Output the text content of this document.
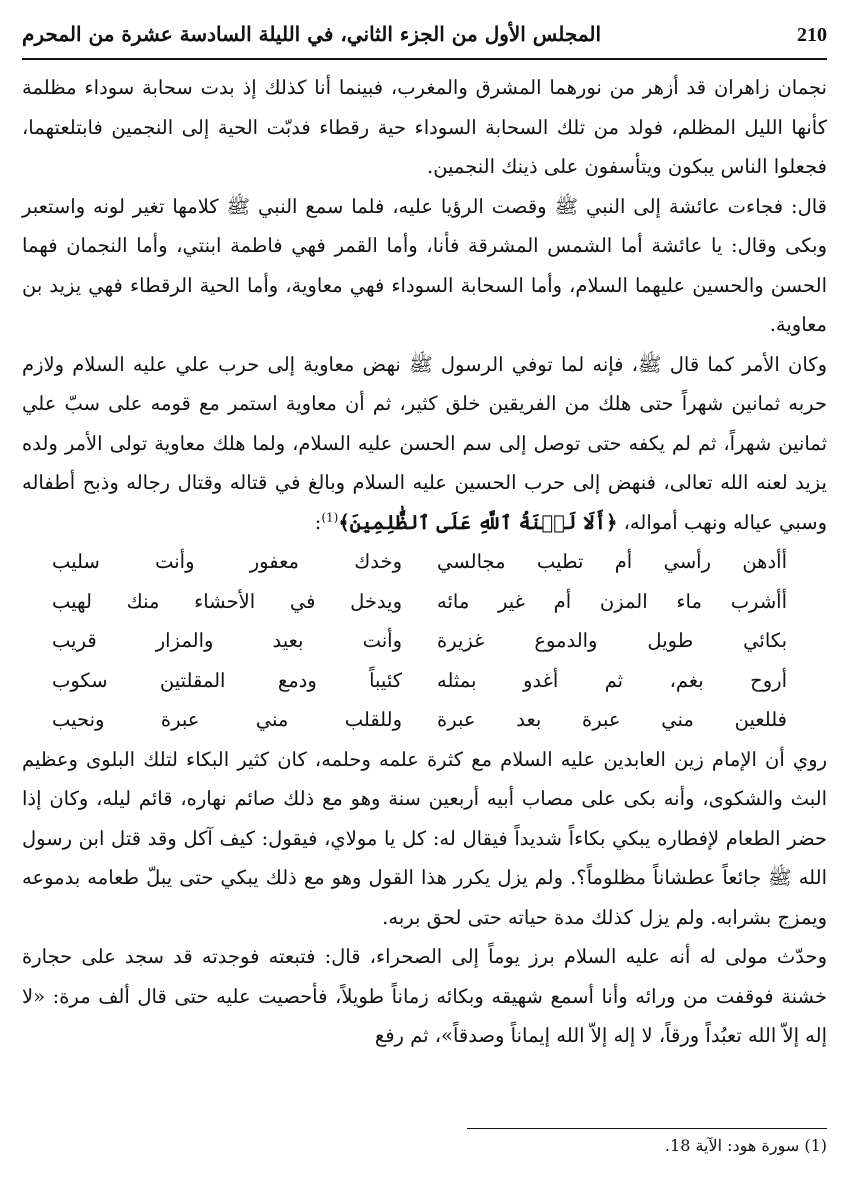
210
المجلس الأول من الجزء الثاني، في الليلة السادسة عشرة من المحرم

نجمان زاهران قد أزهر من نورهما المشرق والمغرب، فبينما أنا كذلك إذ بدت سحابة سوداء مظلمة كأنها الليل المظلم، فولد من تلك السحابة السوداء حية رقطاء فدبّت الحية إلى النجمين فابتلعتهما، فجعلوا الناس يبكون ويتأسفون على ذينك النجمين.

قال: فجاءت عائشة إلى النبي ﷺ وقصت الرؤيا عليه، فلما سمع النبي ﷺ كلامها تغير لونه واستعبر وبكى وقال: يا عائشة أما الشمس المشرقة فأنا، وأما القمر فهي فاطمة ابنتي، وأما النجمان فهما الحسن والحسين عليهما السلام، وأما السحابة السوداء فهي معاوية، وأما الحية الرقطاء فهي يزيد بن معاوية.

وكان الأمر كما قال ﷺ، فإنه لما توفي الرسول ﷺ نهض معاوية إلى حرب علي عليه السلام ولازم حربه ثمانين شهراً حتى هلك من الفريقين خلق كثير، ثم أن معاوية استمر مع قومه على سبّ علي ثمانين شهراً، ثم لم يكفه حتى توصل إلى سم الحسن عليه السلام، ولما هلك معاوية تولى الأمر ولده يزيد لعنه الله تعالى، فنهض إلى حرب الحسين عليه السلام وبالغ في قتاله وقتال رجاله وذبح أطفاله وسبي عياله ونهب أمواله، ﴿أَلَا لَعۡنَةُ ٱللَّهِ عَلَى ٱلظَّٰلِمِينَ﴾$^{(1)}$:

أأدهن رأسي أم تطيب مجالسي
وخدك معفور وأنت سليب
أأشرب ماء المزن أم غير مائه
ويدخل في الأحشاء منك لهيب
بكائي طويل والدموع غزيرة
وأنت بعيد والمزار قريب
أروح بغم، ثم أغدو بمثله
كئيباً ودمع المقلتين سكوب
فللعين مني عبرة بعد عبرة
وللقلب مني عبرة ونحيب

روي أن الإمام زين العابدين عليه السلام مع كثرة علمه وحلمه، كان كثير البكاء لتلك البلوى وعظيم البث والشكوى، وأنه بكى على مصاب أبيه أربعين سنة وهو مع ذلك صائم نهاره، قائم ليله، وكان إذا حضر الطعام لإفطاره يبكي بكاءاً شديداً فيقال له: كل يا مولاي، فيقول: كيف آكل وقد قتل ابن رسول الله ﷺ جائعاً عطشاناً مظلوماً؟. ولم يزل يكرر هذا القول وهو مع ذلك يبكي حتى يبلّ طعامه بدموعه ويمزج بشرابه. ولم يزل كذلك مدة حياته حتى لحق بربه.

وحدّث مولى له أنه عليه السلام برز يوماً إلى الصحراء، قال: فتبعته فوجدته قد سجد على حجارة خشنة فوقفت من ورائه وأنا أسمع شهيقه وبكائه زماناً طويلاً، فأحصيت عليه حتى قال ألف مرة: «لا إله إلاّ الله تعبُداً ورقاً، لا إله إلاّ الله إيماناً وصدقاً»، ثم رفع

(1) سورة هود: الآية 18.
